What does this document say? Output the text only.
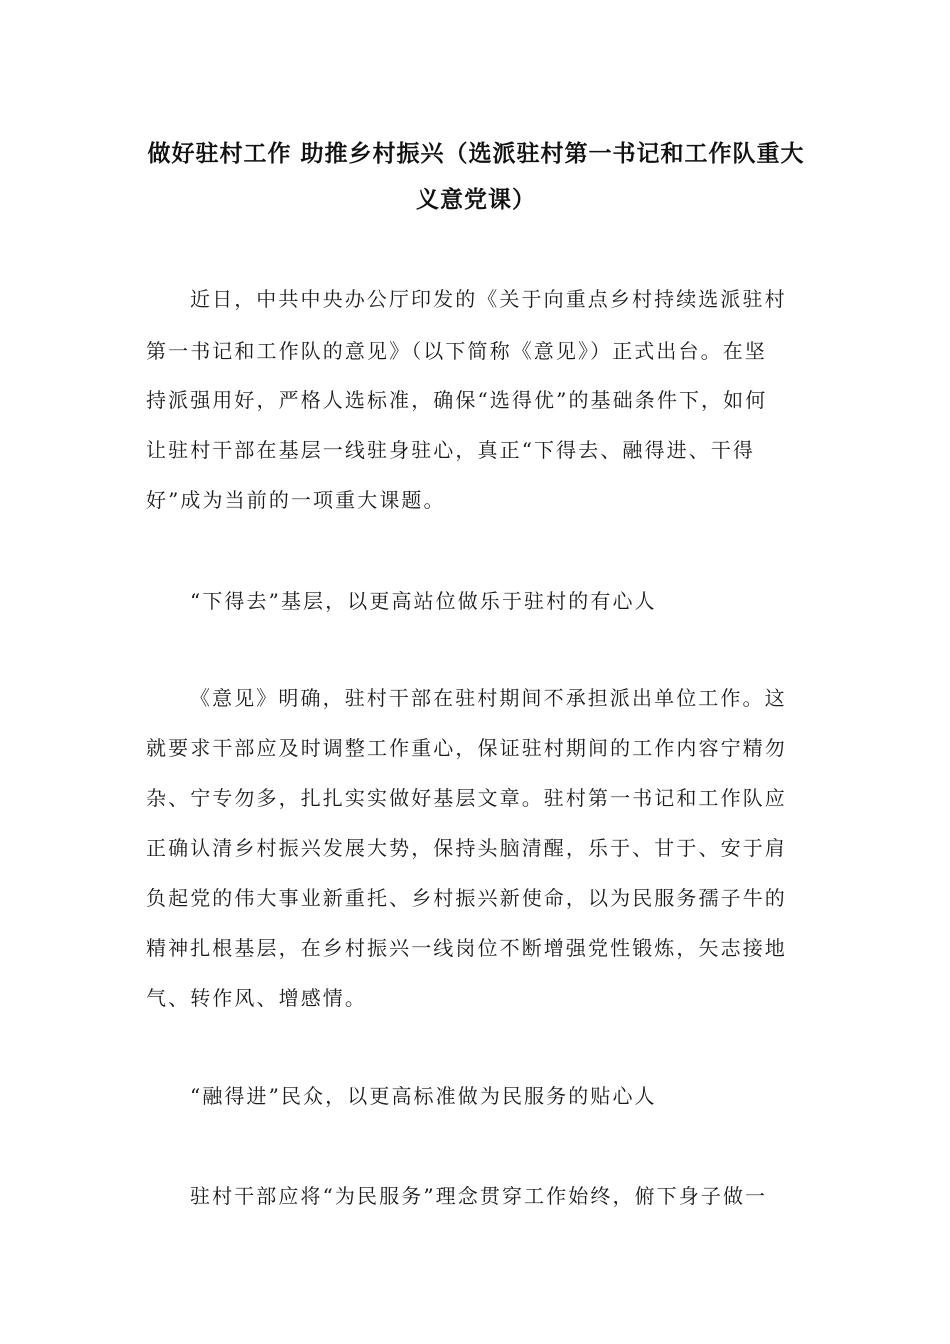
做好驻村工作 助推乡村振兴（选派驻村第一书记和工作队重大义意党课）
近日，中共中央办公厅印发的《关于向重点乡村持续选派驻村
第一书记和工作队的意见》（以下简称《意见》）正式出台。在坚
持派强用好，严格人选标准，确保“选得优”的基础条件下，如何
让驻村干部在基层一线驻身驻心，真正“下得去、融得进、干得
好”成为当前的一项重大课题。
“下得去”基层，以更高站位做乐于驻村的有心人
《意见》明确，驻村干部在驻村期间不承担派出单位工作。这
就要求干部应及时调整工作重心，保证驻村期间的工作内容宁精勿
杂、宁专勿多，扎扎实实做好基层文章。驻村第一书记和工作队应
正确认清乡村振兴发展大势，保持头脑清醒，乐于、甘于、安于肩
负起党的伟大事业新重托、乡村振兴新使命，以为民服务孺子牛的
精神扎根基层，在乡村振兴一线岗位不断增强党性锻炼，矢志接地
气、转作风、增感情。
“融得进”民众，以更高标准做为民服务的贴心人
驻村干部应将“为民服务”理念贯穿工作始终，俯下身子做一
